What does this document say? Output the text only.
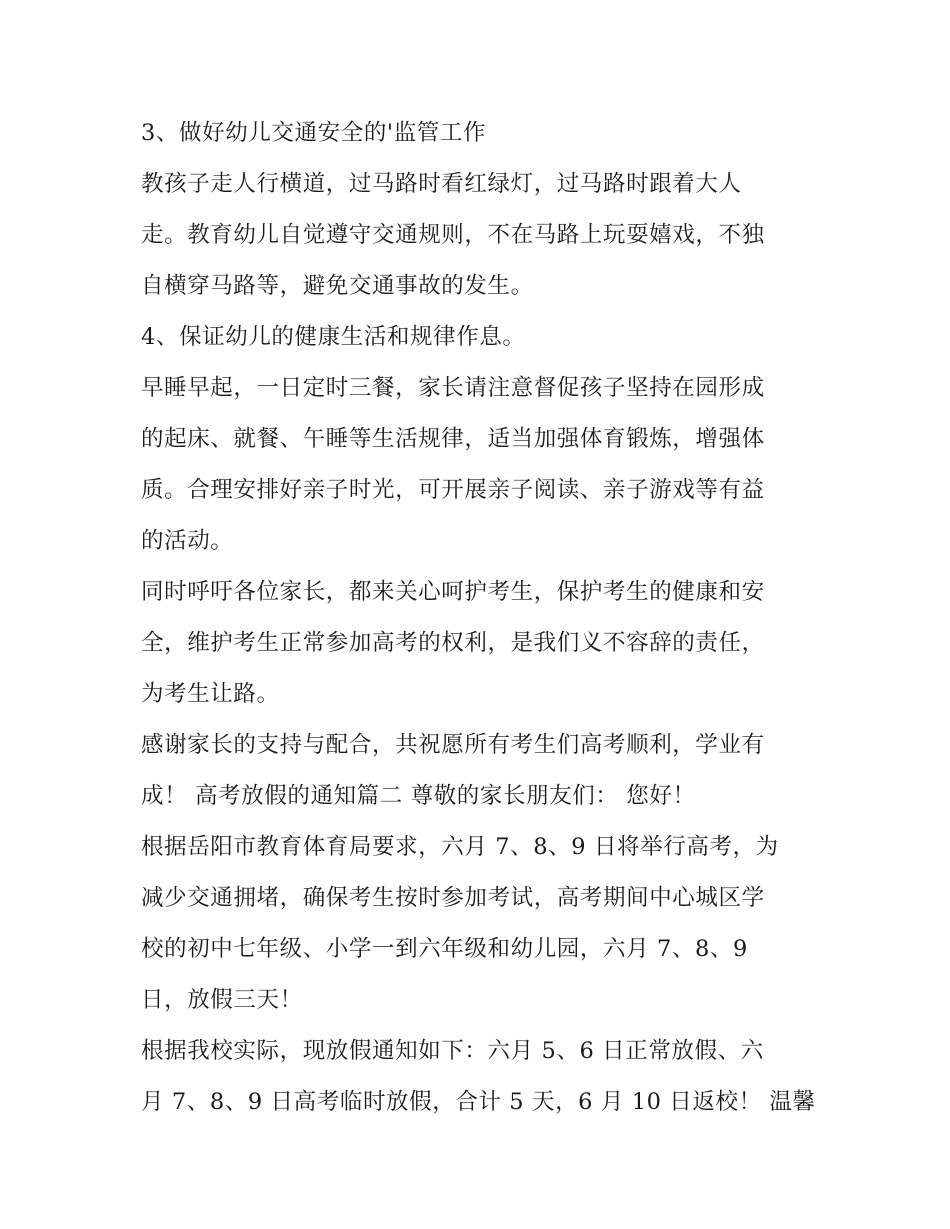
3、做好幼儿交通安全的'监管工作
教孩子走人行横道，过马路时看红绿灯，过马路时跟着大人
走。教育幼儿自觉遵守交通规则，不在马路上玩耍嬉戏，不独
自横穿马路等，避免交通事故的发生。
4、保证幼儿的健康生活和规律作息。
早睡早起，一日定时三餐，家长请注意督促孩子坚持在园形成
的起床、就餐、午睡等生活规律，适当加强体育锻炼，增强体
质。合理安排好亲子时光，可开展亲子阅读、亲子游戏等有益
的活动。
同时呼吁各位家长，都来关心呵护考生，保护考生的健康和安
全，维护考生正常参加高考的权利，是我们义不容辞的责任，
为考生让路。
感谢家长的支持与配合，共祝愿所有考生们高考顺利，学业有
成！ 高考放假的通知篇二 尊敬的家长朋友们： 您好！
根据岳阳市教育体育局要求，六月 7、8、9 日将举行高考，为
减少交通拥堵，确保考生按时参加考试，高考期间中心城区学
校的初中七年级、小学一到六年级和幼儿园，六月 7、8、9
日，放假三天！
根据我校实际，现放假通知如下：六月 5、6 日正常放假、六
月 7、8、9 日高考临时放假，合计 5 天，6 月 10 日返校！ 温馨
